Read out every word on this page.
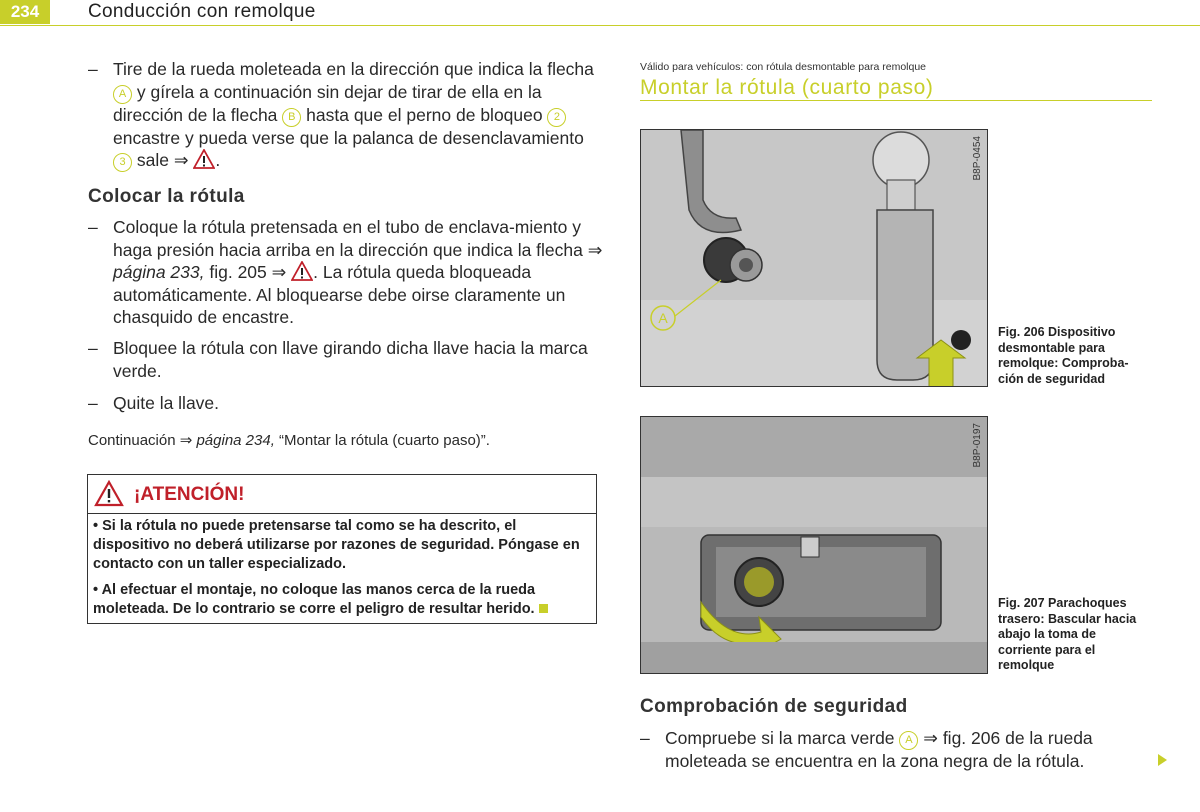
234	Conducción con remolque
– Tire de la rueda moleteada en la dirección que indica la flecha A y gírela a continuación sin dejar de tirar de ella en la dirección de la flecha B hasta que el perno de bloqueo 2 encastre y pueda verse que la palanca de desenclavamiento 3 sale ⇒ .
Colocar la rótula
– Coloque la rótula pretensada en el tubo de enclava-miento y haga presión hacia arriba en la dirección que indica la flecha ⇒ página 233, fig. 205 ⇒ . La rótula queda bloqueada automáticamente. Al bloquearse debe oirse claramente un chasquido de encastre.
– Bloquee la rótula con llave girando dicha llave hacia la marca verde.
– Quite la llave.
Continuación ⇒ página 234, “Montar la rótula (cuarto paso)”.
¡ATENCIÓN!

• Si la rótula no puede pretensarse tal como se ha descrito, el dispositivo no deberá utilizarse por razones de seguridad. Póngase en contacto con un taller especializado.

• Al efectuar el montaje, no coloque las manos cerca de la rueda moleteada. De lo contrario se corre el peligro de resultar herido.

Válido para vehículos: con rótula desmontable para remolque
Montar la rótula (cuarto paso)
A
B8P-0454
Fig. 206 Dispositivo desmontable para remolque: Comproba-ción de seguridad
B8P-0197
Fig. 207 Parachoques trasero: Bascular hacia abajo la toma de corriente para el remolque
Comprobación de seguridad
– Compruebe si la marca verde A ⇒ fig. 206 de la rueda moleteada se encuentra en la zona negra de la rótula.
